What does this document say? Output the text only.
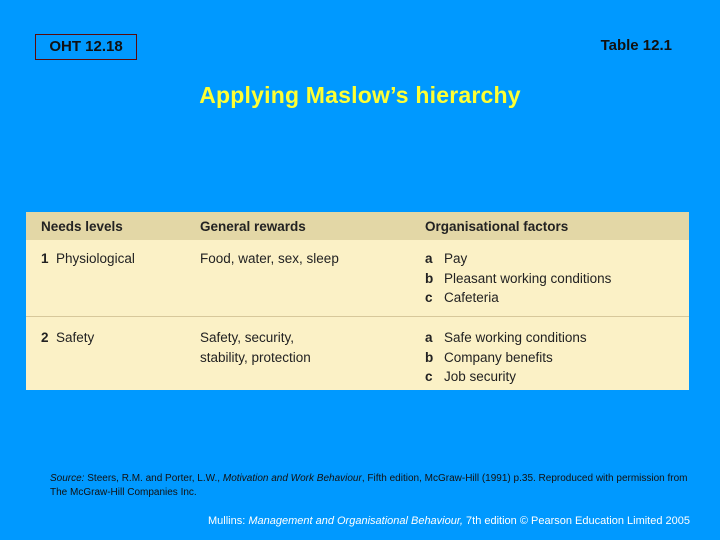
OHT 12.18	Table 12.1
Applying Maslow’s hierarchy
Needs levels	General rewards	Organisational factors
1 Physiological	Food, water, sex, sleep	a Pay
b Pleasant working conditions
c Cafeteria
2 Safety	Safety, security,
stability, protection
a Safe working conditions
b Company benefits
c Job security
Source: Steers, R.M. and Porter, L.W., Motivation and Work Behaviour, Fifth edition, McGraw-Hill (1991) p.35. Reproduced with permission from The McGraw-Hill Companies Inc.
Mullins: Management and Organisational Behaviour, 7th edition © Pearson Education Limited 2005
